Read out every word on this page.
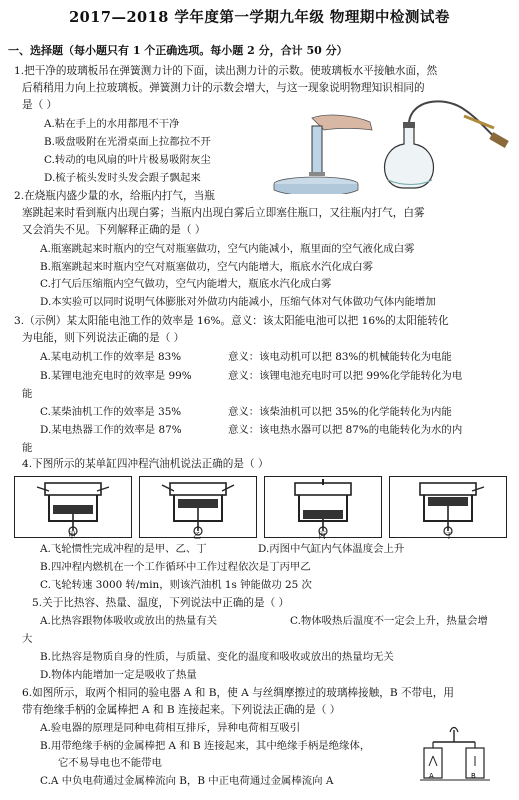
2017—2018 学年度第一学期九年级 物理期中检测试卷
一、选择题（每小题只有 1 个正确选项。每小题 2 分，合计 50 分）
1.把干净的玻璃板吊在弹簧测力计的下面，读出测力计的示数。使玻璃板水平接触水面，然
后稍稍用力向上拉玻璃板。弹簧测力计的示数会增大，与这一现象说明物理知识相同的
是（ ）
A.粘在手上的水用都甩不干净
B.吸盘吸附在光滑桌面上拉都拉不开
C.转动的电风扇的叶片极易吸附灰尘
D.梳子梳头发时头发会跟子飘起来
2.在烧瓶内盛少量的水，给瓶内打气，当瓶
塞跳起来时看到瓶内出现白雾；当瓶内出现白雾后立即塞住瓶口，又往瓶内打气，白雾
又会消失不见。下列解释正确的是（ ）
A.瓶塞跳起来时瓶内的空气对瓶塞做功，空气内能减小，瓶里面的空气液化成白雾
B.瓶塞跳起来时瓶内空气对瓶塞做功，空气内能增大，瓶底水汽化成白雾
C.打气后压缩瓶内空气做功，空气内能增大，瓶底水汽化成白雾
D.本实验可以同时说明气体膨胀对外做功内能减小，压缩气体对气体做功气体内能增加
3.（示例）某太阳能电池工作的效率是 16%。意义：该太阳能电池可以把 16%的太阳能转化
为电能，则下列说法正确的是（ ）
A.某电动机工作的效率是 83%	意义：该电动机可以把 83%的机械能转化为电能
B.某锂电池充电时的效率是 99%	意义：该锂电池充电时可以把 99%化学能转化为电
能
C.某柴油机工作的效率是 35%	意义：该柴油机可以把 35%的化学能转化为内能
D.某电热器工作的效率是 87%	意义：该电热水器可以把 87%的电能转化为水的内
能
4.下图所示的某单缸四冲程汽油机说法正确的是（ ）
甲	乙	丙	丁
A.飞轮惯性完成冲程的是甲、乙、丁	D.丙图中气缸内气体温度会上升
B.四冲程内燃机在一个工作循环中工作过程依次是丁丙甲乙
C.飞轮转速 3000 转/min，则该汽油机 1s 钟能做功 25 次
5.关于比热容、热量、温度，下列说法中正确的是（ ）
A.比热容跟物体吸收或放出的热量有关	C.物体吸热后温度不一定会上升，热量会增
大
B.比热容是物质自身的性质，与质量、变化的温度和吸收或放出的热量均无关
D.物体内能增加一定是吸收了热量
6.如图所示，取两个相同的验电器 A 和 B，使 A 与丝绸摩擦过的玻璃棒接触，B 不带电，用
带有绝缘手柄的金属棒把 A 和 B 连接起来。下列说法正确的是（ ）
A.验电器的原理是同种电荷相互排斥，异种电荷相互吸引
B.用带绝缘手柄的金属棒把 A 和 B 连接起来，其中绝缘手柄是绝缘体，
它不易导电也不能带电
C.A 中负电荷通过金属棒流向 B，B 中正电荷通过金属棒流向 A	A	B
